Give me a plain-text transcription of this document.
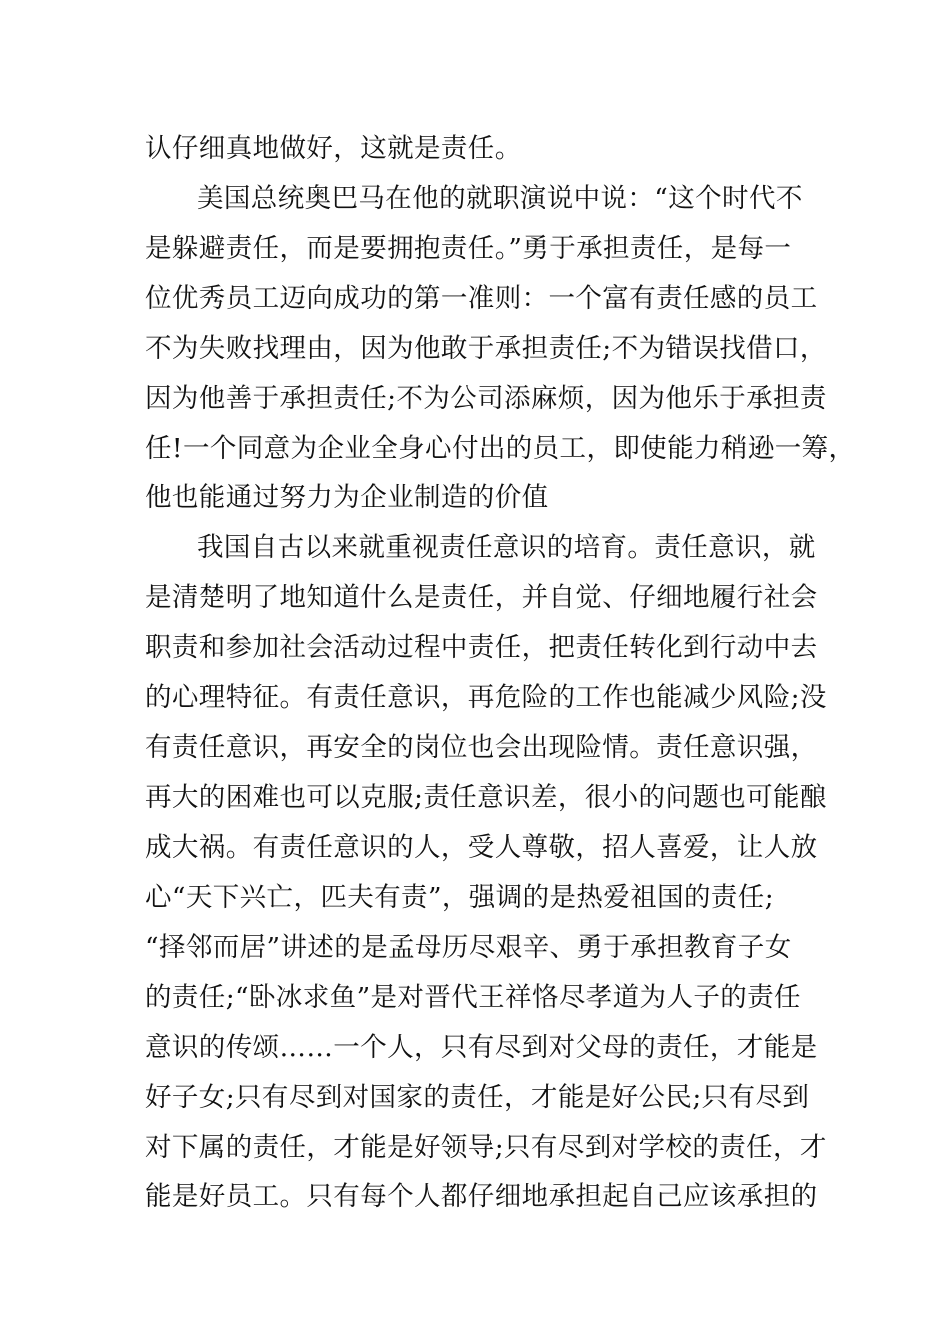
认仔细真地做好，这就是责任。
美国总统奥巴马在他的就职演说中说：“这个时代不
是躲避责任，而是要拥抱责任。”勇于承担责任，是每一
位优秀员工迈向成功的第一准则：一个富有责任感的员工
不为失败找理由，因为他敢于承担责任;不为错误找借口，
因为他善于承担责任;不为公司添麻烦，因为他乐于承担责
任!一个同意为企业全身心付出的员工，即使能力稍逊一筹，
他也能通过努力为企业制造的价值
我国自古以来就重视责任意识的培育。责任意识，就
是清楚明了地知道什么是责任，并自觉、仔细地履行社会
职责和参加社会活动过程中责任，把责任转化到行动中去
的心理特征。有责任意识，再危险的工作也能减少风险;没
有责任意识，再安全的岗位也会出现险情。责任意识强，
再大的困难也可以克服;责任意识差，很小的问题也可能酿
成大祸。有责任意识的人，受人尊敬，招人喜爱，让人放
心“天下兴亡，匹夫有责”，强调的是热爱祖国的责任;
“择邻而居”讲述的是孟母历尽艰辛、勇于承担教育子女
的责任;“卧冰求鱼”是对晋代王祥恪尽孝道为人子的责任
意识的传颂……一个人，只有尽到对父母的责任，才能是
好子女;只有尽到对国家的责任，才能是好公民;只有尽到
对下属的责任，才能是好领导;只有尽到对学校的责任，才
能是好员工。只有每个人都仔细地承担起自己应该承担的
